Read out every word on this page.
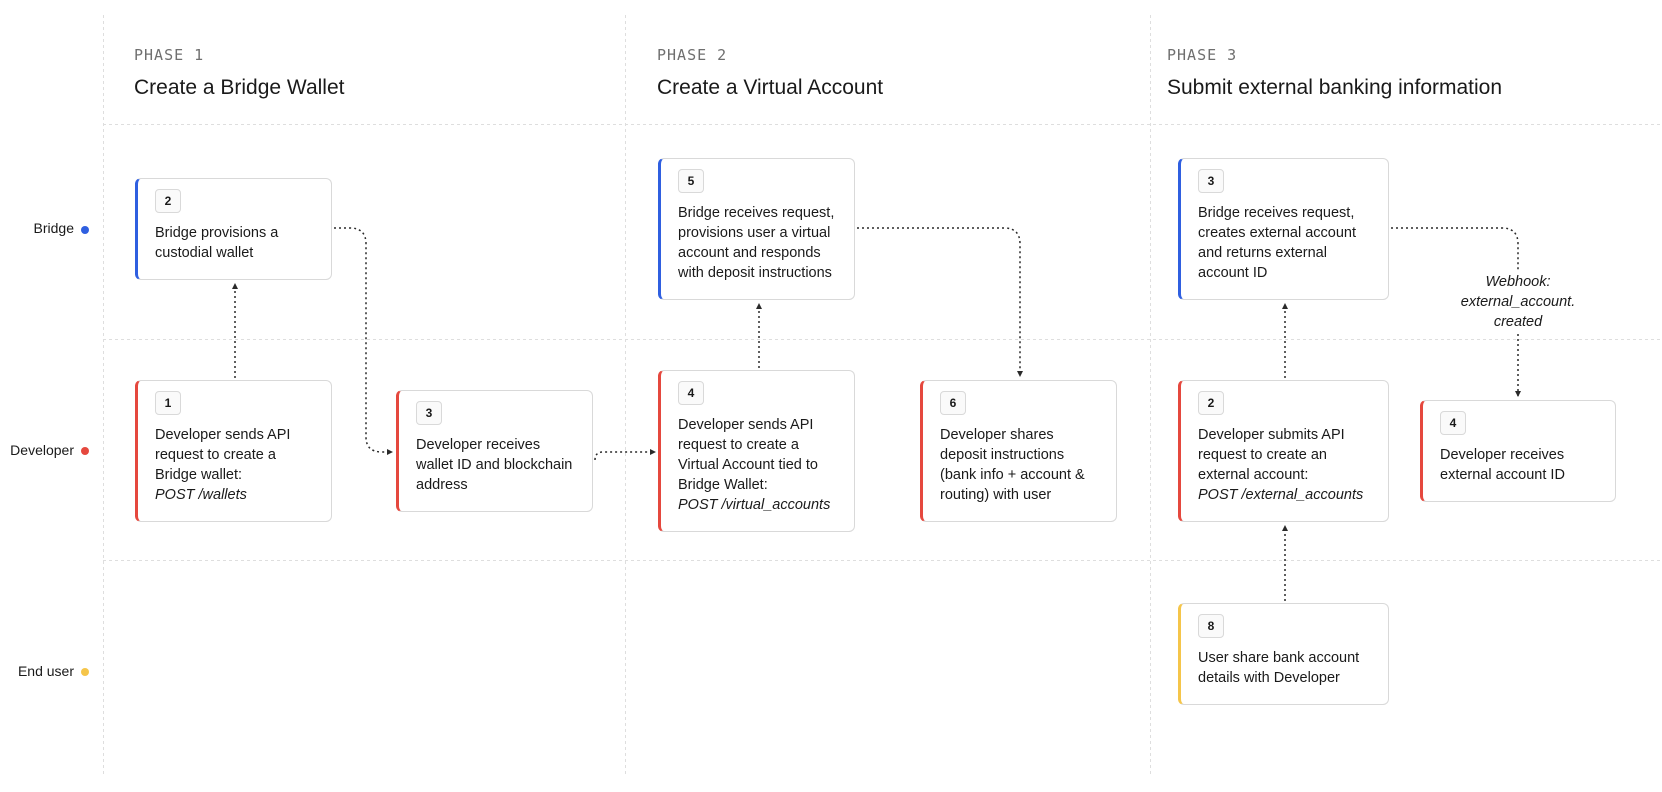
Bridge
Developer
End user
PHASE 1
Create a Bridge Wallet
PHASE 2
Create a Virtual Account
PHASE 3
Submit external banking information
2
Bridge provisions a
custodial wallet
1
Developer sends API
request to create a
Bridge wallet:
POST /wallets
3
Developer receives
wallet ID and blockchain
address
5
Bridge receives request,
provisions user a virtual
account and responds
with deposit instructions
4
Developer sends API
request to create a
Virtual Account tied to
Bridge Wallet:
POST /virtual_accounts
6
Developer shares
deposit instructions
(bank info + account &
routing) with user
3
Bridge receives request,
creates external account
and returns external
account ID
2
Developer submits API
request to create an
external account:
POST /external_accounts
4
Developer receives
external account ID
8
User share bank account
details with Developer
Webhook:
external_account.
created
